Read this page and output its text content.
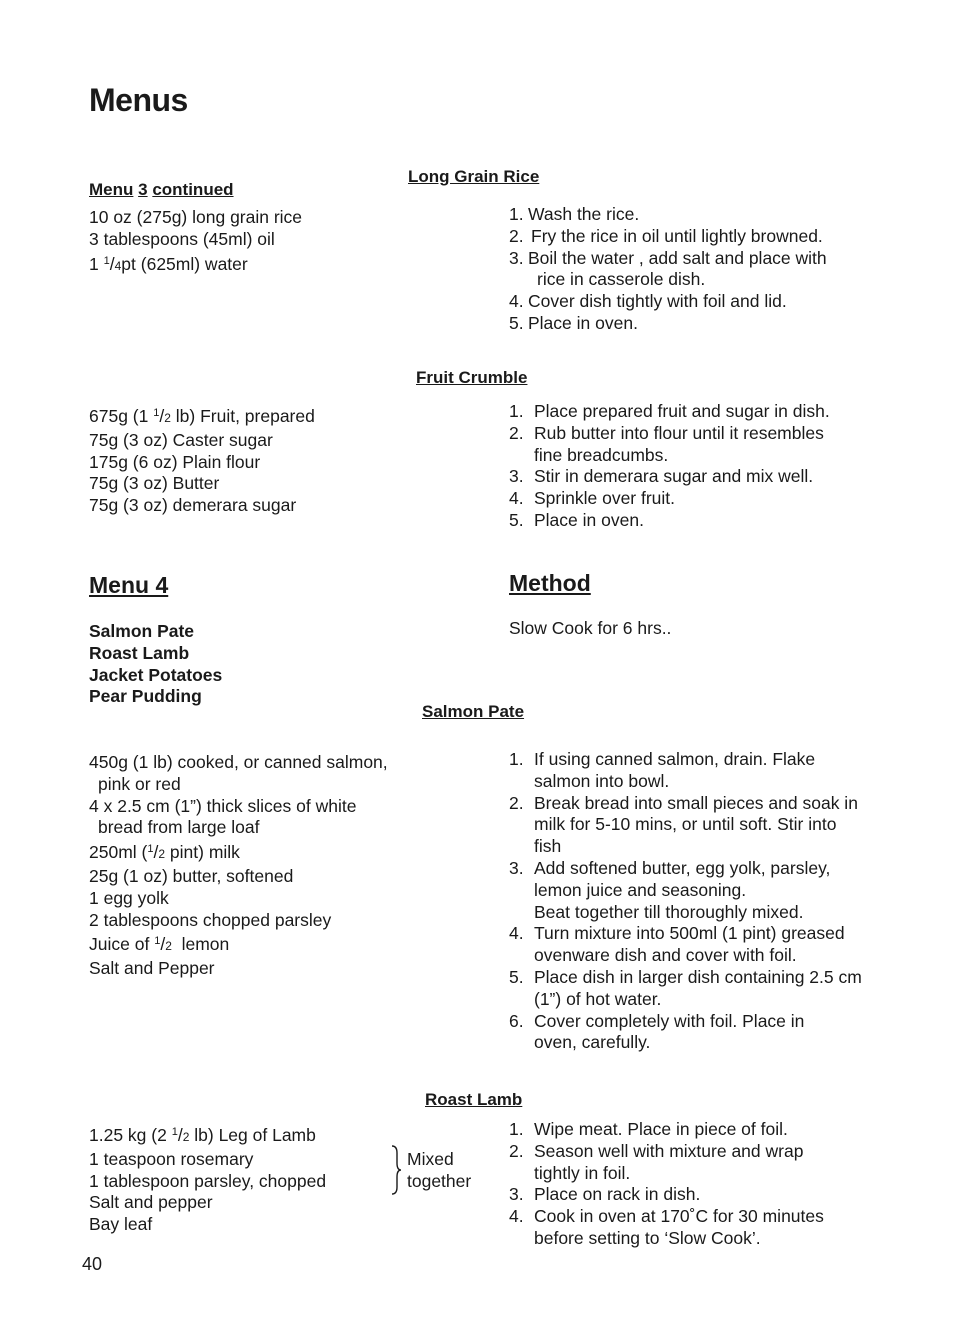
Menus
Menu 3 continued
Long Grain Rice
10 oz (275g) long grain rice
3 tablespoons (45ml) oil
1 $^1$/4pt (625ml) water
1. Wash the rice.
2. Fry the rice in oil until lightly browned.
3. Boil the water , add salt and place with
rice in casserole dish.
4. Cover dish tightly with foil and lid.
5. Place in oven.
Fruit Crumble
675g (1 $^1$/2 lb) Fruit, prepared
75g (3 oz) Caster sugar
175g (6 oz) Plain flour
75g (3 oz) Butter
75g (3 oz) demerara sugar
1. Place prepared fruit and sugar in dish.
2. Rub butter into flour until it resembles
fine breadcumbs.
3. Stir in demerara sugar and mix well.
4. Sprinkle over fruit.
5. Place in oven.
Menu 4
Salmon Pate
Roast Lamb
Jacket Potatoes
Pear Pudding
Method
Slow Cook for 6 hrs..
Salmon Pate
450g (1 lb) cooked, or canned salmon,
pink or red
4 x 2.5 cm (1”) thick slices of white
bread from large loaf
250ml ($^1$/2 pint) milk
25g (1 oz) butter, softened
1 egg yolk
2 tablespoons chopped parsley
Juice of $^1$/2  lemon
Salt and Pepper
1. If using canned salmon, drain. Flake
salmon into bowl.
2. Break bread into small pieces and soak in
milk for 5-10 mins, or until soft. Stir into
fish
3. Add softened butter, egg yolk, parsley,
lemon juice and seasoning.
Beat together till thoroughly mixed.
4. Turn mixture into 500ml (1 pint) greased
ovenware dish and cover with foil.
5. Place dish in larger dish containing 2.5 cm
(1”) of hot water.
6. Cover completely with foil. Place in
oven, carefully.
Roast Lamb
1.25 kg (2 $^1$/2 lb) Leg of Lamb
1 teaspoon rosemary
1 tablespoon parsley, chopped
Salt and pepper
Bay leaf
Mixed
together
1. Wipe meat. Place in piece of foil.
2. Season well with mixture and wrap
tightly in foil.
3. Place on rack in dish.
4. Cook in oven at 170˚C for 30 minutes
before setting to ‘Slow Cook’.
40
